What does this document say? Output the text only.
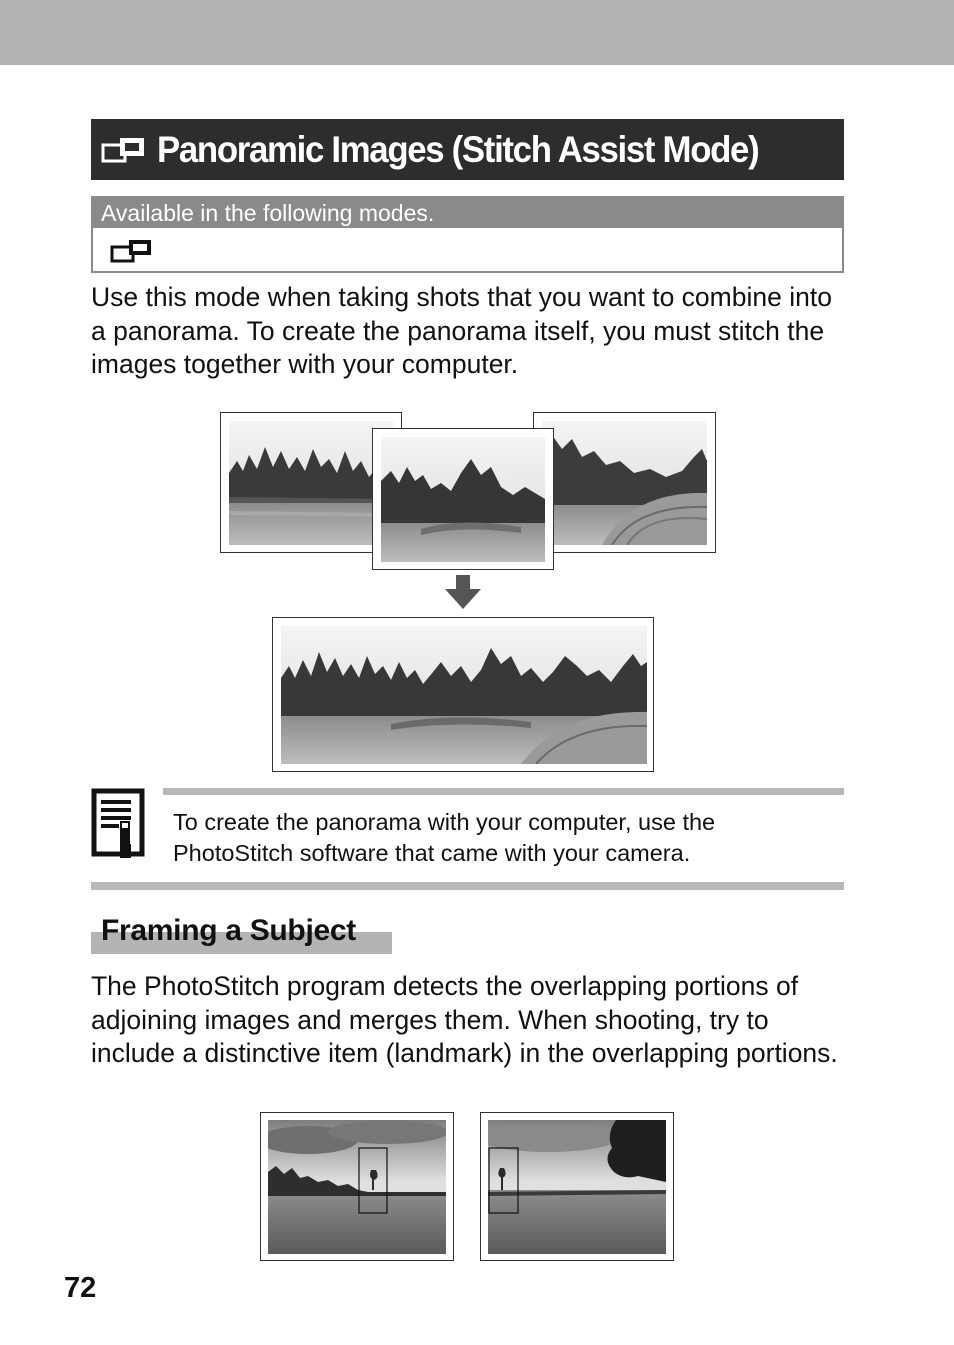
Panoramic Images (Stitch Assist Mode)
Available in the following modes.

Use this mode when taking shots that you want to combine into a panorama. To create the panorama itself, you must stitch the images together with your computer.

To create the panorama with your computer, use the PhotoStitch software that came with your camera.

Framing a Subject

The PhotoStitch program detects the overlapping portions of adjoining images and merges them. When shooting, try to include a distinctive item (landmark) in the overlapping portions.

72
